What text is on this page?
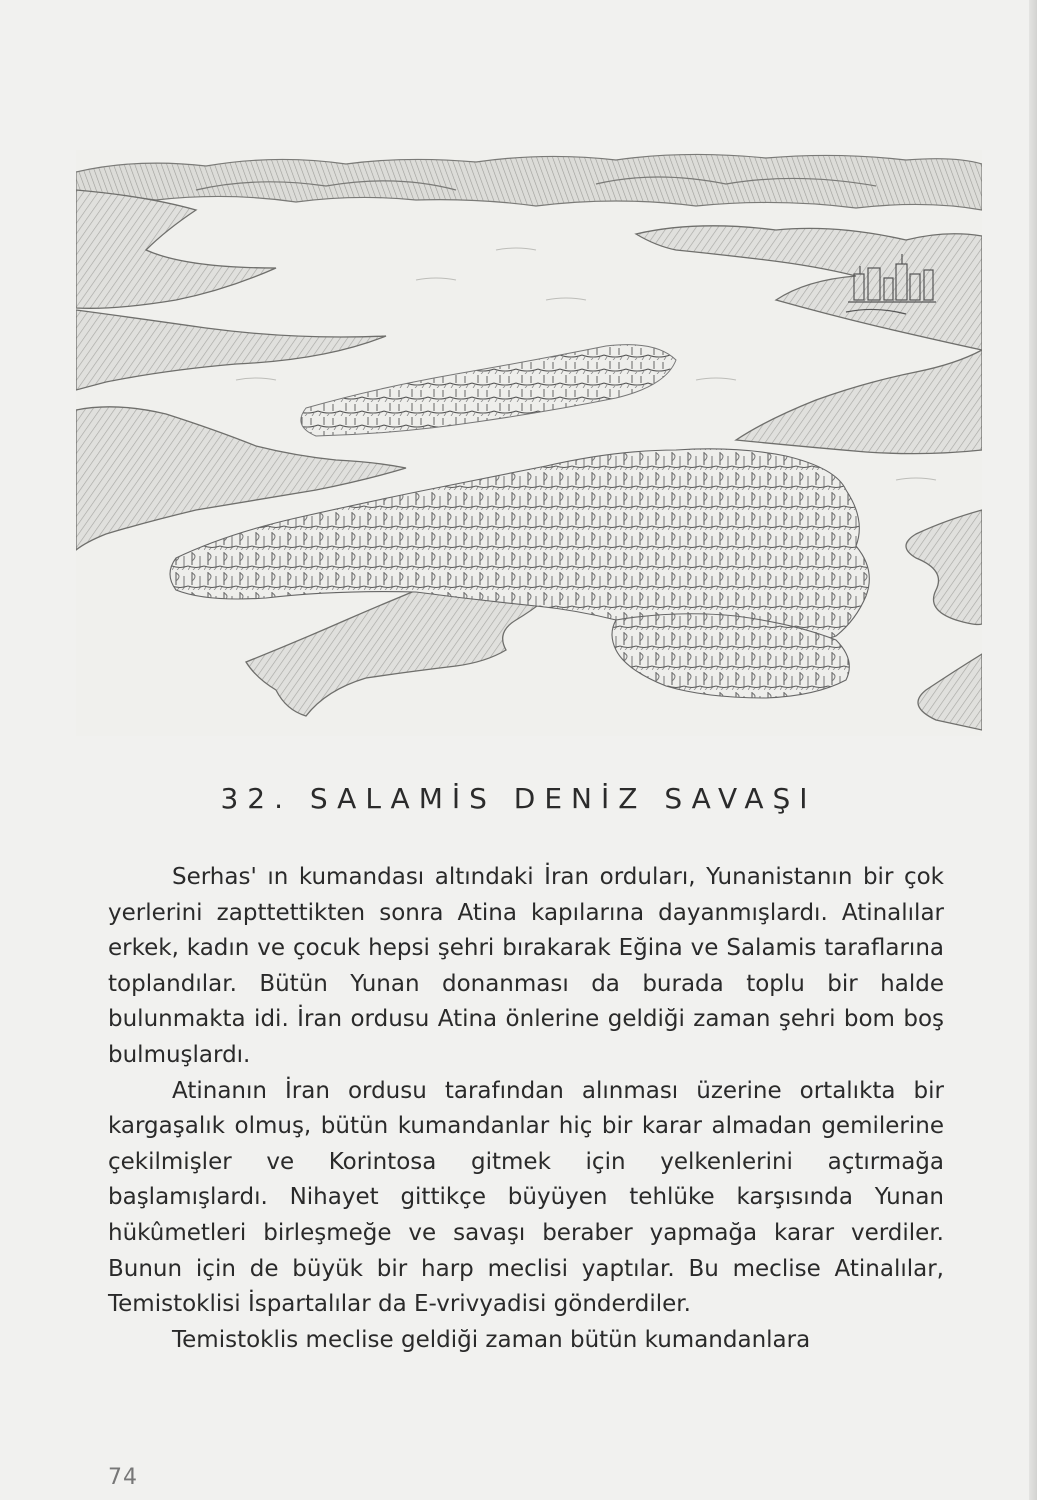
32. SALAMİS DENİZ SAVAŞI

Serhas' ın kumandası altındaki İran orduları, Yunanistanın bir çok yerlerini zapttettikten sonra Atina kapılarına dayanmışlardı. Atinalılar erkek, kadın ve çocuk hepsi şehri bırakarak Eğina ve Salamis taraflarına toplandılar. Bütün Yunan donanması da burada toplu bir halde bulunmakta idi. İran ordusu Atina önlerine geldiği zaman şehri bom boş bulmuşlardı.

Atinanın İran ordusu tarafından alınması üzerine ortalıkta bir kargaşalık olmuş, bütün kumandanlar hiç bir karar almadan gemilerine çekilmişler ve Korintosa gitmek için yelkenlerini açtırmağa başlamışlardı. Nihayet gittikçe büyüyen tehlüke karşısında Yunan hükûmetleri birleşmeğe ve savaşı beraber yapmağa karar verdiler. Bunun için de büyük bir harp meclisi yaptılar. Bu meclise Atinalılar, Temistoklisi İspartalılar da E-vrivyadisi gönderdiler.

Temistoklis meclise geldiği zaman bütün kumandanlara

74
